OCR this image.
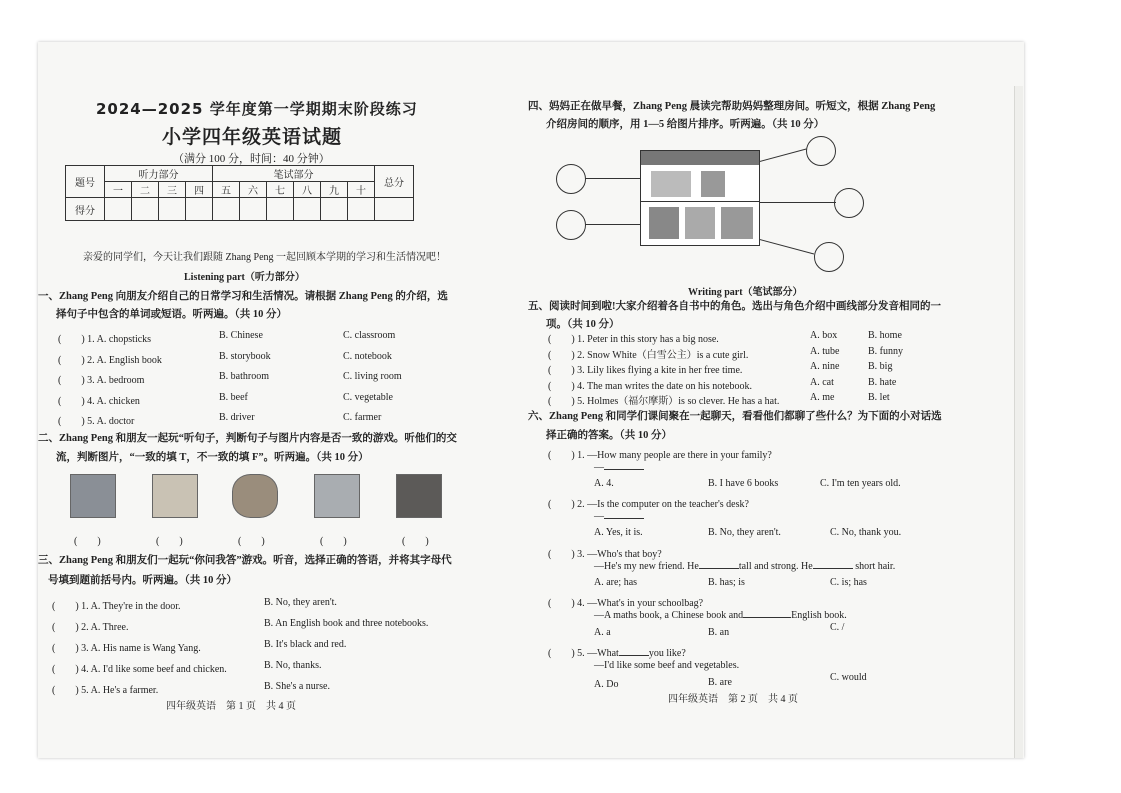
2024—2025 学年度第一学期期末阶段练习
小学四年级英语试题
（满分 100 分，时间：40 分钟）
题号	听力部分				笔试部分						总分
	一	二	三	四	五	六	七	八	九	十	
得分											
亲爱的同学们，今天让我们跟随 Zhang Peng 一起回顾本学期的学习和生活情况吧！
Listening part（听力部分）
一、Zhang Peng 向朋友介绍自己的日常学习和生活情况。请根据 Zhang Peng 的介绍，选
择句子中包含的单词或短语。听两遍。（共 10 分）
(　　) 1. A. chopsticks	B. Chinese	C. classroom
(　　) 2. A. English book	B. storybook	C. notebook
(　　) 3. A. bedroom	B. bathroom	C. living room
(　　) 4. A. chicken	B. beef	C. vegetable
(　　) 5. A. doctor	B. driver	C. farmer
二、Zhang Peng 和朋友一起玩“听句子，判断句子与图片内容是否一致的游戏。听他们的交
流，判断图片，“一致的填 T，不一致的填 F”。听两遍。（共 10 分）
(　　)	(　　)	(　　)	(　　)	(　　)
三、Zhang Peng 和朋友们一起玩“你问我答”游戏。听音，选择正确的答语，并将其字母代
号填到题前括号内。听两遍。（共 10 分）
(　　) 1. A. They're in the door.	B. No, they aren't.
(　　) 2. A. Three.	B. An English book and three notebooks.
(　　) 3. A. His name is Wang Yang.	B. It's black and red.
(　　) 4. A. I'd like some beef and chicken.	B. No, thanks.
(　　) 5. A. He's a farmer.	B. She's a nurse.
四年级英语　第 1 页　共 4 页
四、妈妈正在做早餐，Zhang Peng 晨读完帮助妈妈整理房间。听短文，根据 Zhang Peng
介绍房间的顺序，用 1—5 给图片排序。听两遍。（共 10 分）
Writing part（笔试部分）
五、阅读时间到啦!大家介绍着各自书中的角色。选出与角色介绍中画线部分发音相同的一
项。（共 10 分）
(　　) 1. Peter in this story has a big nose.	A. box	B. home
(　　) 2. Snow White（白雪公主）is a cute girl.	A. tube	B. funny
(　　) 3. Lily likes flying a kite in her free time.	A. nine	B. big
(　　) 4. The man writes the date on his notebook.	A. cat	B. hate
(　　) 5. Holmes（福尔摩斯）is so clever. He has a hat.	A. me	B. let
六、Zhang Peng 和同学们课间聚在一起聊天，看看他们都聊了些什么？为下面的小对话选
择正确的答案。（共 10 分）
(　　) 1. —How many people are there in your family?
—
A. 4.	B. I have 6 books	C. I'm ten years old.
(　　) 2. —Is the computer on the teacher's desk?
—
A. Yes, it is.	B. No, they aren't.	C. No, thank you.
(　　) 3. —Who's that boy?
—He's my new friend. He	tall and strong. He	short hair.
A. are; has	B. has; is	C. is; has
(　　) 4. —What's in your schoolbag?
—A maths book, a Chinese book and	English book.
A. a	B. an	C. /
(　　) 5. —What	you like?
—I'd like some beef and vegetables.
A. Do	B. are	C. would
四年级英语　第 2 页　共 4 页
